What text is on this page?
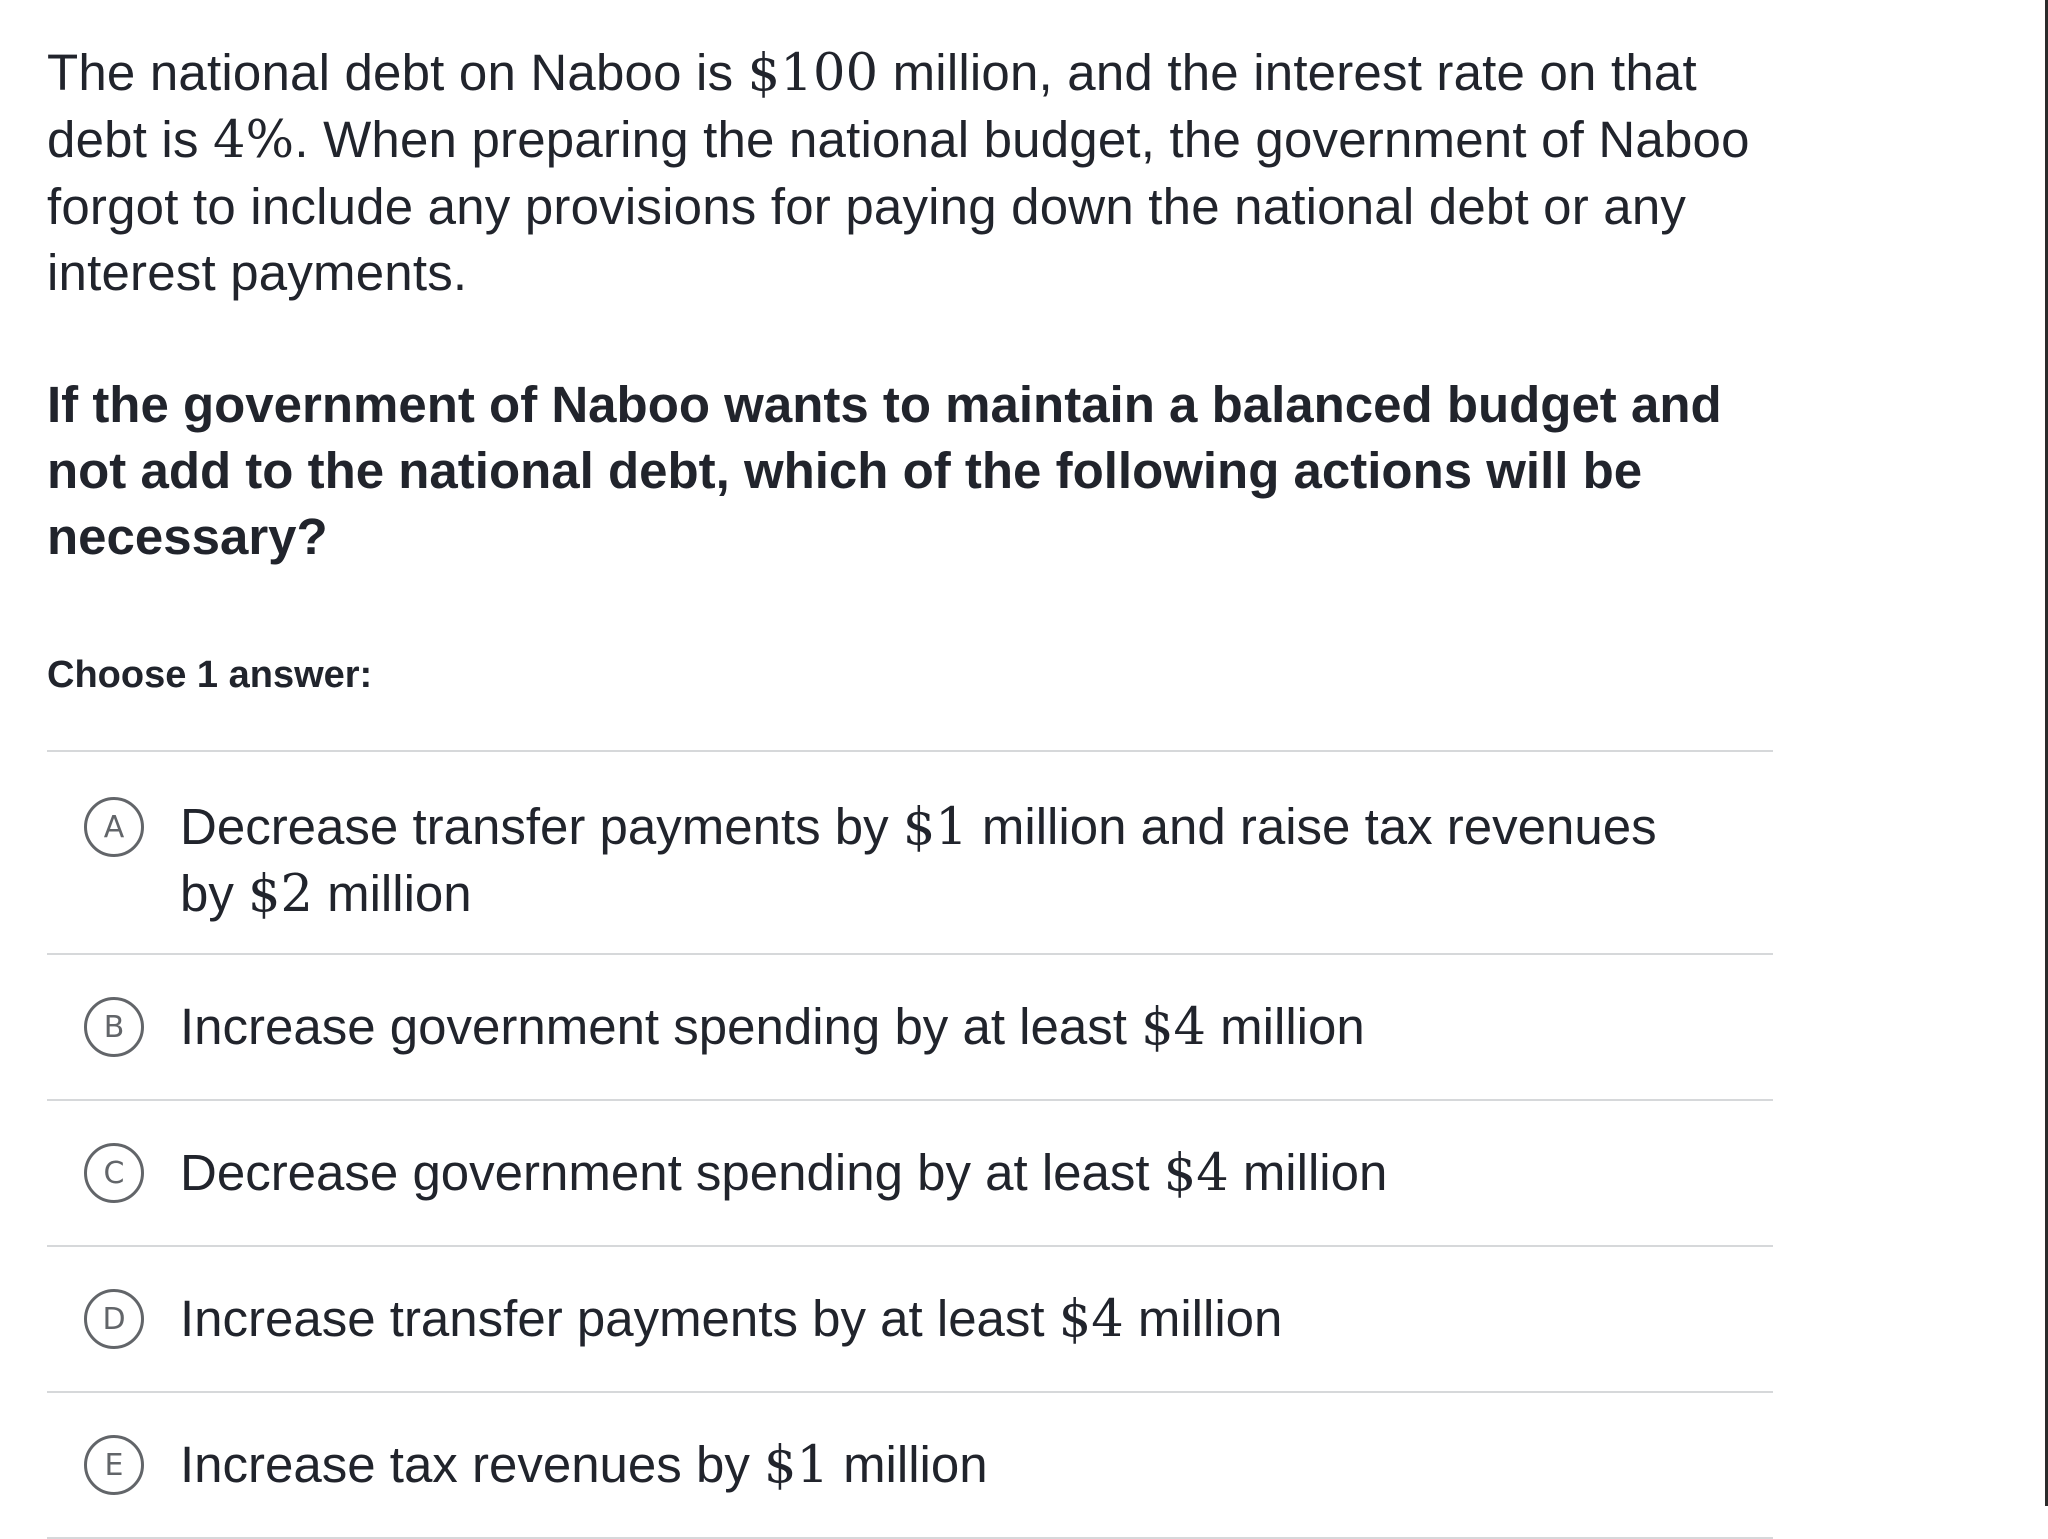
The national debt on Naboo is $100 million, and the interest rate on that debt is 4%. When preparing the national budget, the government of Naboo forgot to include any provisions for paying down the national debt or any interest payments.

If the government of Naboo wants to maintain a balanced budget and not add to the national debt, which of the following actions will be necessary?

Choose 1 answer:

A	Decrease transfer payments by $1 million and raise tax revenues by $2 million
B	Increase government spending by at least $4 million
C	Decrease government spending by at least $4 million
D	Increase transfer payments by at least $4 million
E	Increase tax revenues by $1 million
